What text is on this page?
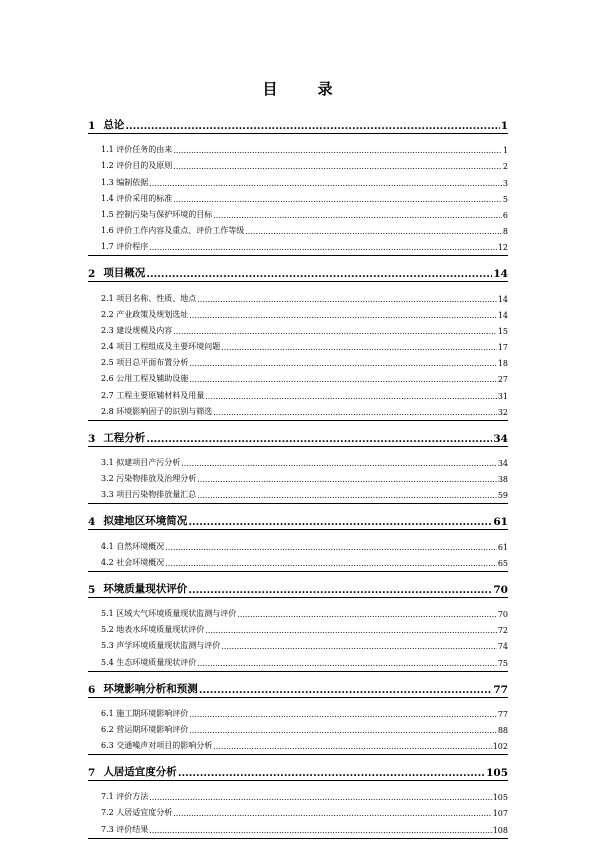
目	录
1 总论 .....	1
1.1 评价任务的由来 .....	1
1.2 评价目的及原则 .....	2
1.3 编制依据 .....	3
1.4 评价采用的标准 .....	5
1.5 控制污染与保护环境的目标 .....	6
1.6 评价工作内容及重点、评价工作等级 .....	8
1.7 评价程序 .....	12
2 项目概况 .....	14
2.1 项目名称、性质、地点 .....	14
2.2 产业政策及规划选址 .....	14
2.3 建设规模及内容 .....	15
2.4 项目工程组成及主要环境问题 .....	17
2.5 项目总平面布置分析 .....	18
2.6 公用工程及辅助设施 .....	27
2.7 工程主要原辅材料及用量 .....	31
2.8 环境影响因子的识别与筛选 .....	32
3 工程分析 .....	34
3.1 拟建项目产污分析 .....	34
3.2 污染物排放及治理分析 .....	38
3.3 项目污染物排放量汇总 .....	59
4 拟建地区环境简况 .....	61
4.1 自然环境概况 .....	61
4.2 社会环境概况 .....	65
5 环境质量现状评价 .....	70
5.1 区域大气环境质量现状监测与评价 .....	70
5.2 地表水环境质量现状评价 .....	72
5.3 声学环境质量现状监测与评价 .....	74
5.4 生态环境质量现状评价 .....	75
6 环境影响分析和预测 .....	77
6.1 施工期环境影响评价 .....	77
6.2 营运期环境影响评价 .....	88
6.3 交通噪声对项目的影响分析 .....	102
7 人居适宜度分析 .....	105
7.1 评价方法 .....	105
7.2 人居适宜度分析 .....	107
7.3 评价结果 .....	108
